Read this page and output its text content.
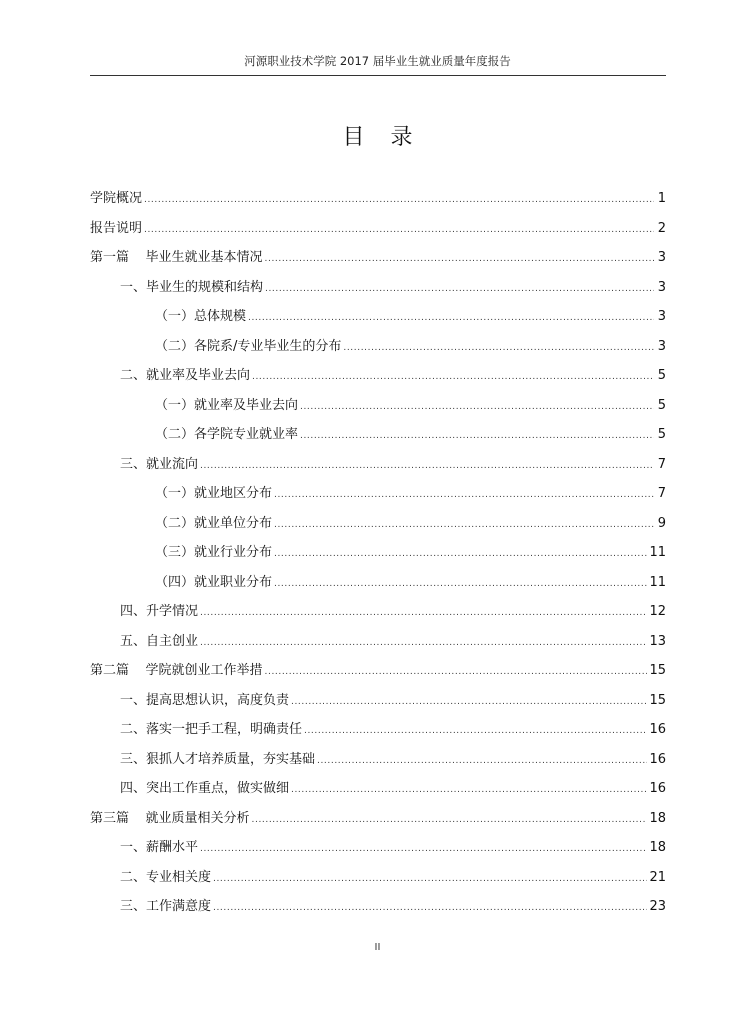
河源职业技术学院 2017 届毕业生就业质量年度报告
目录
学院概况 .....	1
报告说明 .....	2
第一篇    毕业生就业基本情况 .....	3
一、毕业生的规模和结构 .....	3
（一）总体规模 .....	3
（二）各院系/专业毕业生的分布 .....	3
二、就业率及毕业去向 .....	5
（一）就业率及毕业去向 .....	5
（二）各学院专业就业率 .....	5
三、就业流向 .....	7
（一）就业地区分布 .....	7
（二）就业单位分布 .....	9
（三）就业行业分布 .....	11
（四）就业职业分布 .....	11
四、升学情况 .....	12
五、自主创业 .....	13
第二篇    学院就创业工作举措 .....	15
一、提高思想认识，高度负责 .....	15
二、落实一把手工程，明确责任 .....	16
三、狠抓人才培养质量，夯实基础 .....	16
四、突出工作重点，做实做细 .....	16
第三篇    就业质量相关分析 .....	18
一、薪酬水平 .....	18
二、专业相关度 .....	21
三、工作满意度 .....	23
II
